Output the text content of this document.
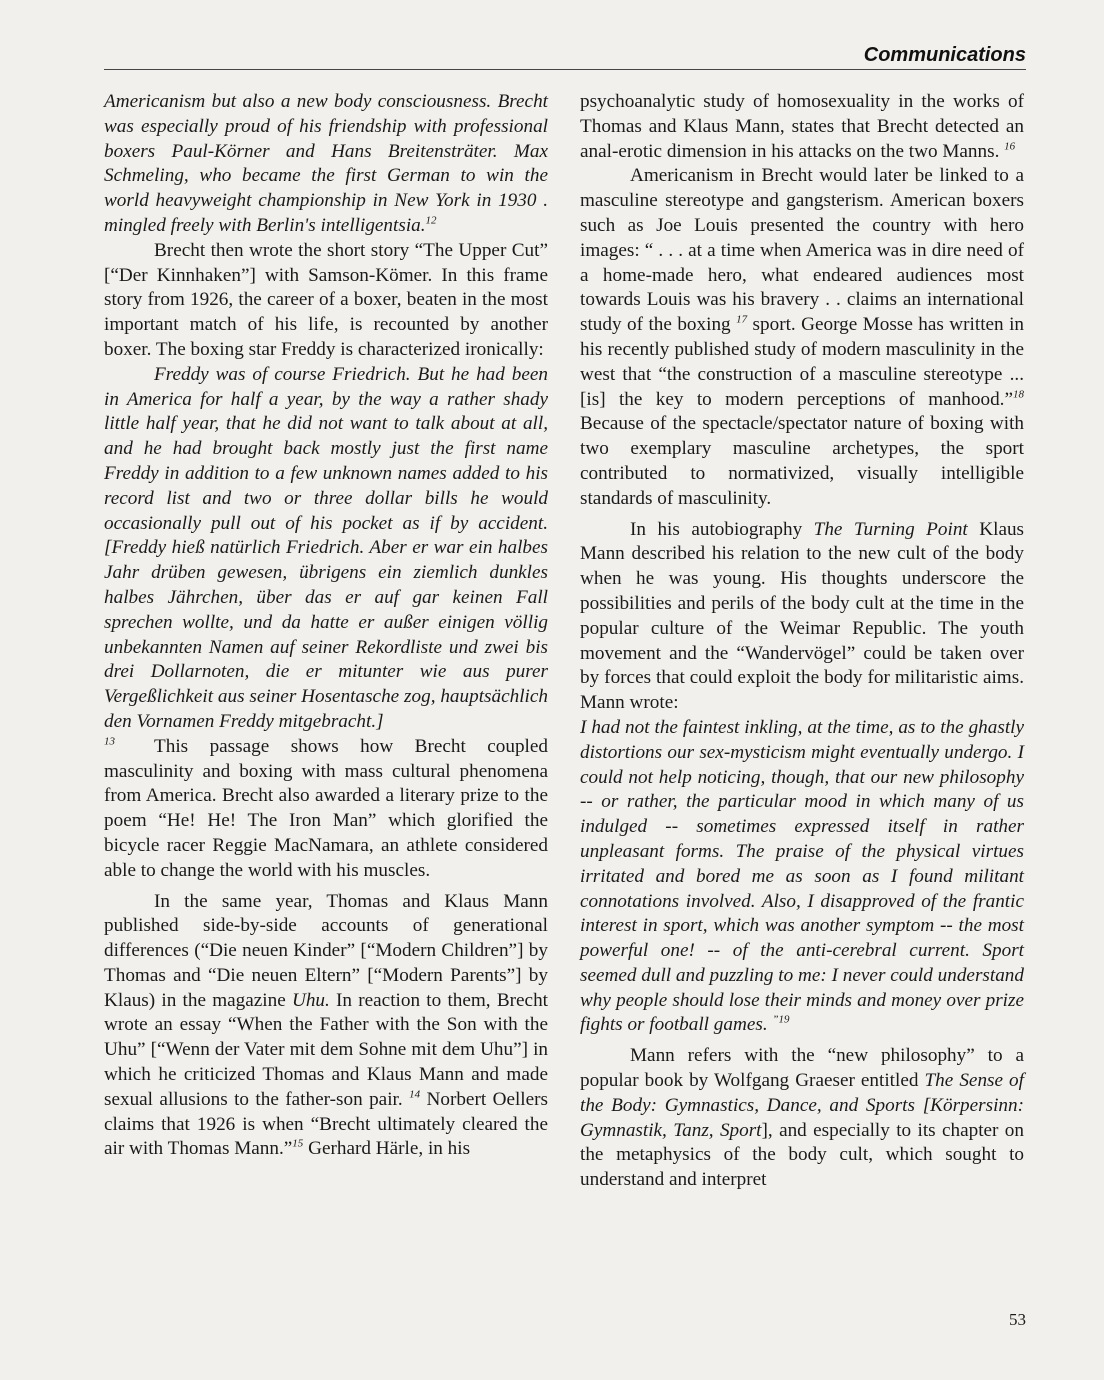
Communications

Americanism but also a new body consciousness. Brecht was especially proud of his friendship with professional boxers Paul-Körner and Hans Breitensträter. Max Schmeling, who became the first German to win the world heavyweight championship in New York in 1930 . mingled freely with Berlin's intelligentsia.$^{12}$

Brecht then wrote the short story “The Upper Cut” [“Der Kinnhaken”] with Samson-Kömer. In this frame story from 1926, the career of a boxer, beaten in the most important match of his life, is recounted by another boxer. The boxing star Freddy is characterized ironically:

Freddy was of course Friedrich. But he had been in America for half a year, by the way a rather shady little half year, that he did not want to talk about at all, and he had brought back mostly just the first name Freddy in addition to a few unknown names added to his record list and two or three dollar bills he would occasionally pull out of his pocket as if by accident. [Freddy hieß natürlich Friedrich. Aber er war ein halbes Jahr drüben gewesen, übrigens ein ziemlich dunkles halbes Jährchen, über das er auf gar keinen Fall sprechen wollte, und da hatte er außer einigen völlig unbekannten Namen auf seiner Rekordliste und zwei bis drei Dollarnoten, die er mitunter wie aus purer Vergeßlichkeit aus seiner Hosentasche zog, hauptsächlich den Vornamen Freddy mitgebracht.]
$^{13}$	This passage shows how Brecht coupled masculinity and boxing with mass cultural phenomena from America. Brecht also awarded a literary prize to the poem “He! He! The Iron Man” which glorified the bicycle racer Reggie MacNamara, an athlete considered able to change the world with his muscles.

In the same year, Thomas and Klaus Mann published side-by-side accounts of generational differences (“Die neuen Kinder” [“Modern Children”] by Thomas and “Die neuen Eltern” [“Modern Parents”] by Klaus) in the magazine Uhu. In reaction to them, Brecht wrote an essay “When the Father with the Son with the Uhu” [“Wenn der Vater mit dem Sohne mit dem Uhu”] in which he criticized Thomas and Klaus Mann and made sexual allusions to the father-son pair. $^{14}$ Norbert Oellers claims that 1926 is when “Brecht ultimately cleared the air with Thomas Mann.”$^{15}$ Gerhard Härle, in his

psychoanalytic study of homosexuality in the works of Thomas and Klaus Mann, states that Brecht detected an anal-erotic dimension in his attacks on the two Manns. $^{16}$

Americanism in Brecht would later be linked to a masculine stereotype and gangsterism. American boxers such as Joe Louis presented the country with hero images: “ . . . at a time when America was in dire need of a home-made hero, what endeared audiences most towards Louis was his bravery . . claims an international study of the boxing $^{17}$ sport. George Mosse has written in his recently published study of modern masculinity in the west that “the construction of a masculine stereotype ... [is] the key to modern perceptions of manhood.”$^{18}$ Because of the spectacle/spectator nature of boxing with two exemplary masculine archetypes, the sport contributed to normativized, visually intelligible standards of masculinity.

In his autobiography The Turning Point Klaus Mann described his relation to the new cult of the body when he was young. His thoughts underscore the possibilities and perils of the body cult at the time in the popular culture of the Weimar Republic. The youth movement and the “Wandervögel” could be taken over by forces that could exploit the body for militaristic aims. Mann wrote:

I had not the faintest inkling, at the time, as to the ghastly distortions our sex-mysticism might eventually undergo. I could not help noticing, though, that our new philosophy -- or rather, the particular mood in which many of us indulged -- sometimes expressed itself in rather unpleasant forms. The praise of the physical virtues irritated and bored me as soon as I found militant connotations involved. Also, I disapproved of the frantic interest in sport, which was another symptom -- the most powerful one! -- of the anti-cerebral current. Sport seemed dull and puzzling to me: I never could understand why people should lose their minds and money over prize fights or football games. $^{”19}$

Mann refers with the “new philosophy” to a popular book by Wolfgang Graeser entitled The Sense of the Body: Gymnastics, Dance, and Sports [Körpersinn: Gymnastik, Tanz, Sport], and especially to its chapter on the metaphysics of the body cult, which sought to understand and interpret

53
